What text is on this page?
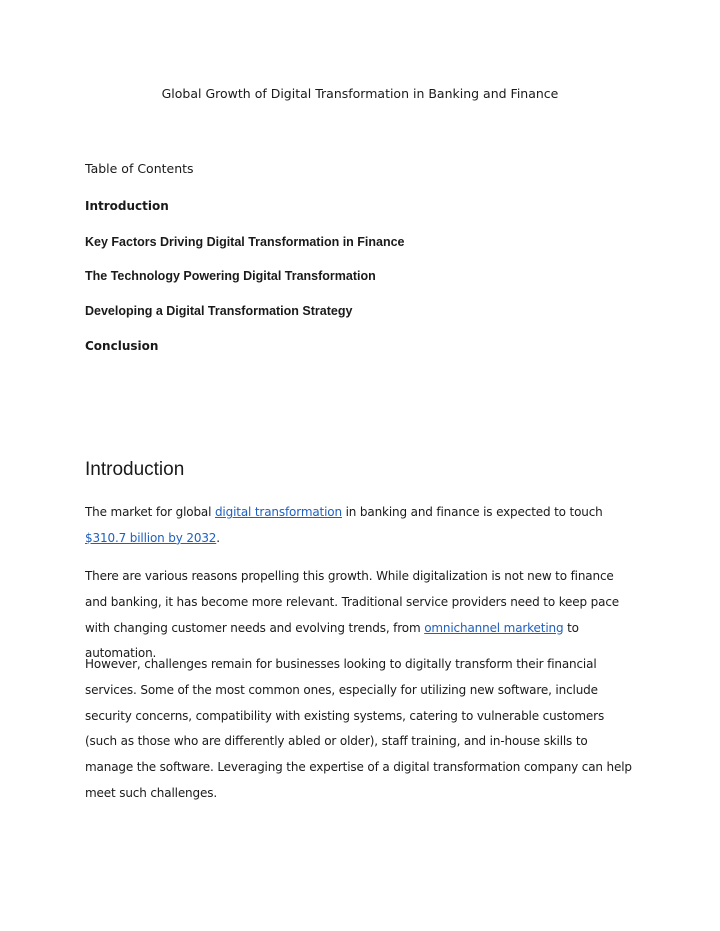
Global Growth of Digital Transformation in Banking and Finance
Table of Contents

Introduction

Key Factors Driving Digital Transformation in Finance

The Technology Powering Digital Transformation

Developing a Digital Transformation Strategy

Conclusion

Introduction

The market for global digital transformation in banking and finance is expected to touch $310.7 billion by 2032.

There are various reasons propelling this growth. While digitalization is not new to finance and banking, it has become more relevant. Traditional service providers need to keep pace with changing customer needs and evolving trends, from omnichannel marketing to automation.

However, challenges remain for businesses looking to digitally transform their financial services. Some of the most common ones, especially for utilizing new software, include security concerns, compatibility with existing systems, catering to vulnerable customers (such as those who are differently abled or older), staff training, and in-house skills to manage the software. Leveraging the expertise of a digital transformation company can help meet such challenges.
